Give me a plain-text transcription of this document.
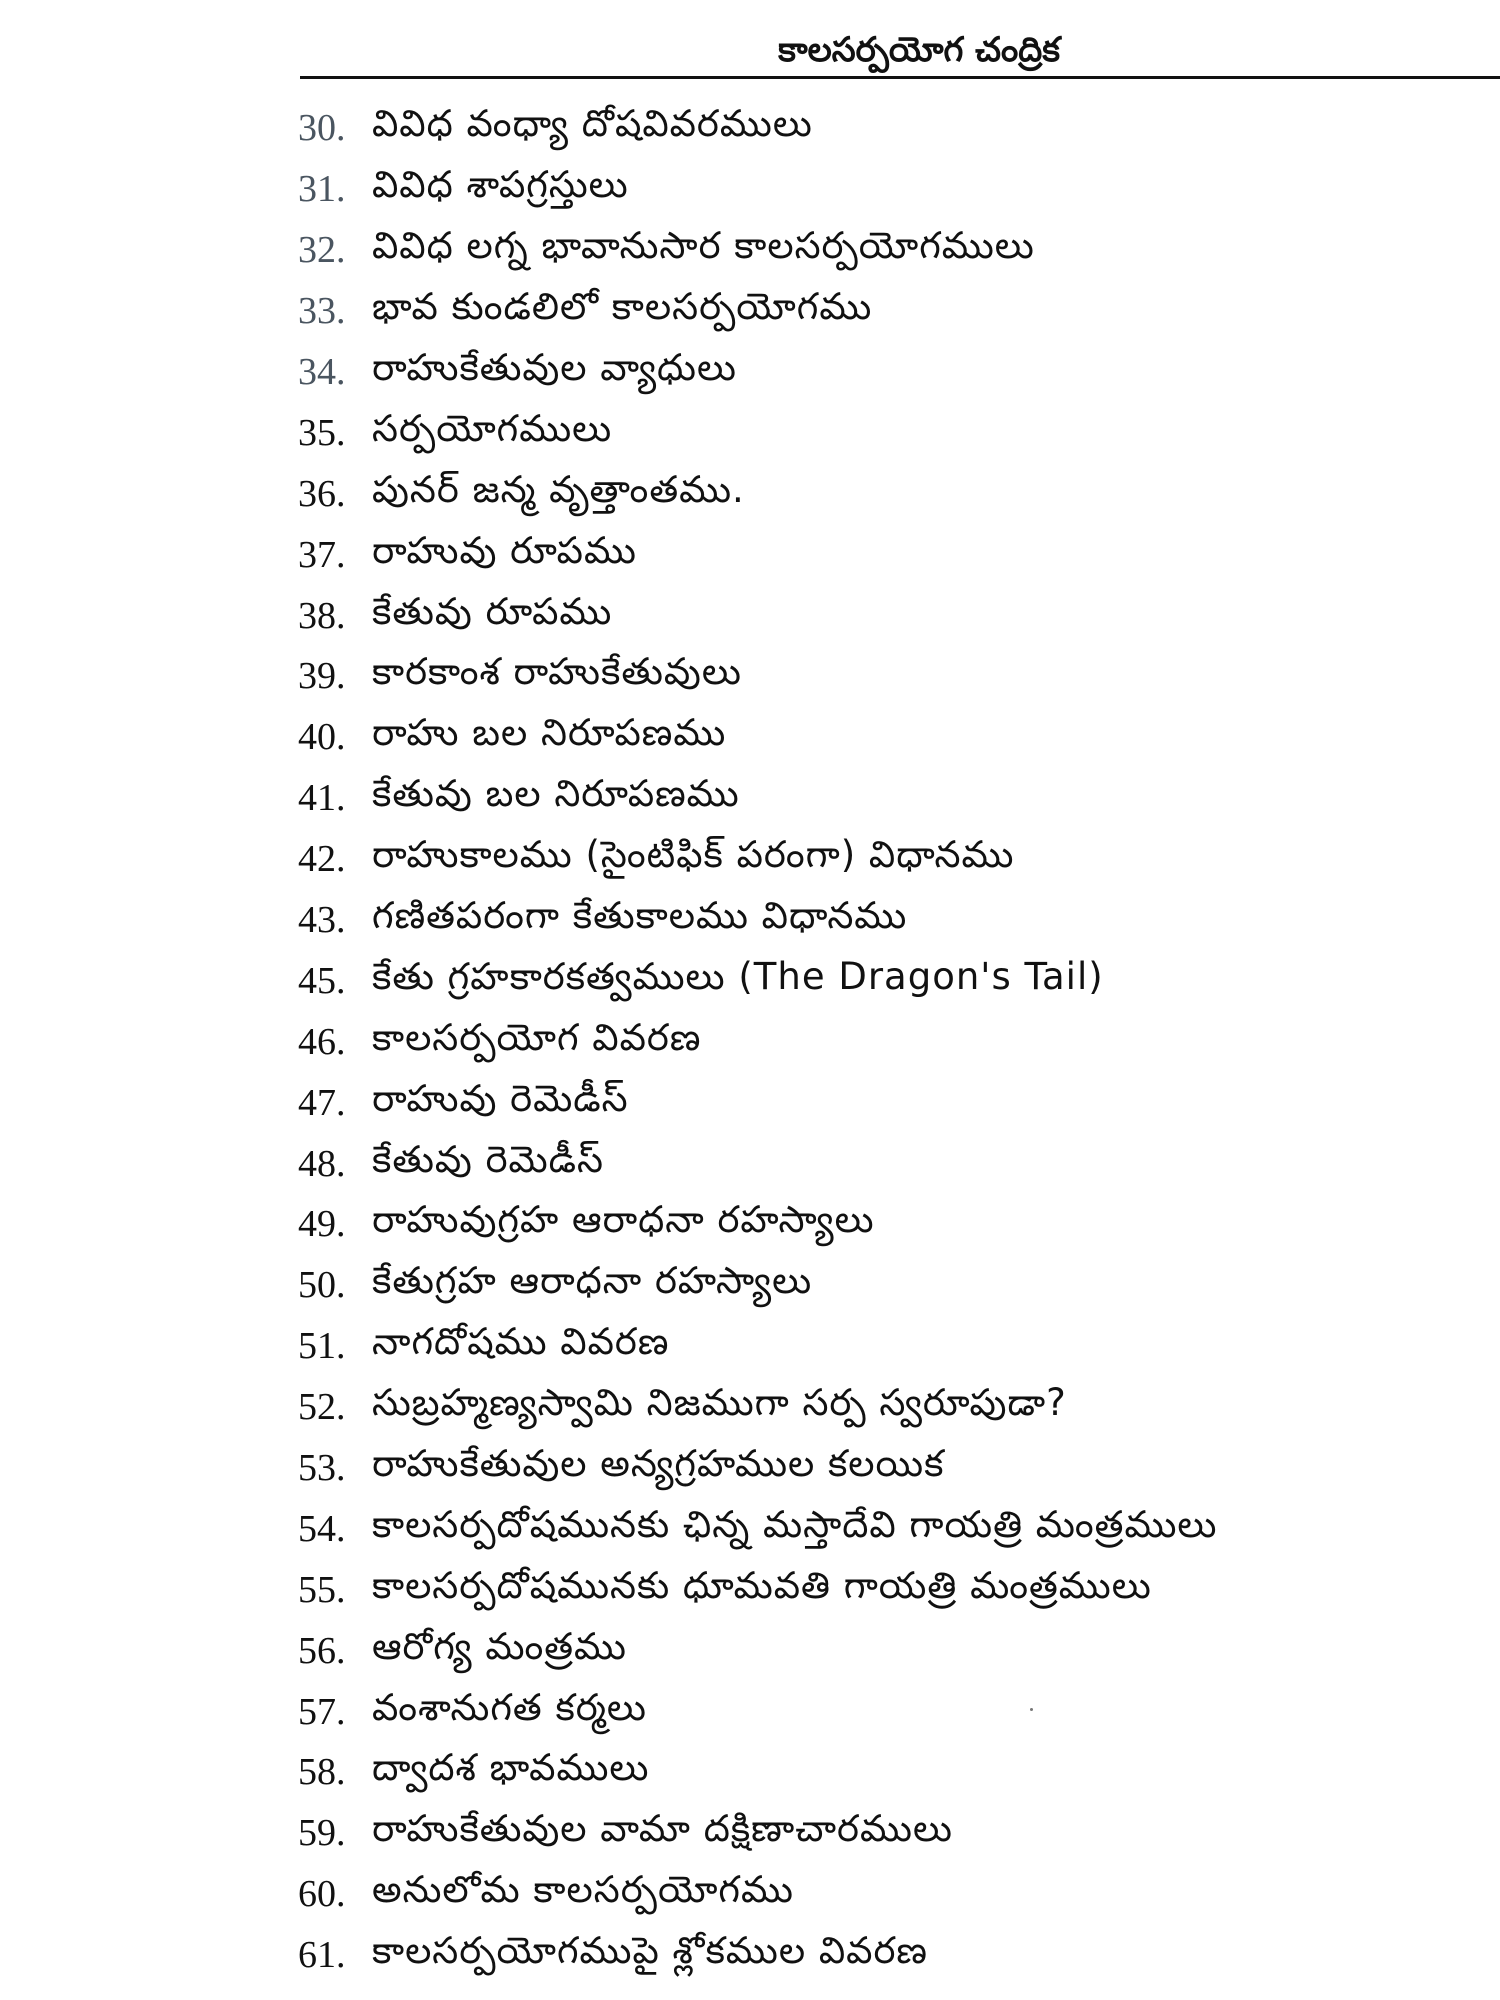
కాలసర్పయోగ చంద్రిక
30. వివిధ వంధ్యా దోషవివరములు
31. వివిధ శాపగ్రస్తులు
32. వివిధ లగ్న భావానుసార కాలసర్పయోగములు
33. భావ కుండలిలో కాలసర్పయోగము
34. రాహుకేతువుల వ్యాధులు
35. సర్పయోగములు
36. పునర్ జన్మ వృత్తాంతము.
37. రాహువు రూపము
38. కేతువు రూపము
39. కారకాంశ రాహుకేతువులు
40. రాహు బల నిరూపణము
41. కేతువు బల నిరూపణము
42. రాహుకాలము (సైంటిఫిక్ పరంగా) విధానము
43. గణితపరంగా కేతుకాలము విధానము
45. కేతు గ్రహకారకత్వములు (The Dragon's Tail)
46. కాలసర్పయోగ వివరణ
47. రాహువు రెమెడీస్
48. కేతువు రెమెడీస్
49. రాహువుగ్రహ ఆరాధనా రహస్యాలు
50. కేతుగ్రహ ఆరాధనా రహస్యాలు
51. నాగదోషము వివరణ
52. సుబ్రహ్మణ్యస్వామి నిజముగా సర్ప స్వరూపుడా?
53. రాహుకేతువుల అన్యగ్రహముల కలయిక
54. కాలసర్పదోషమునకు ఛిన్న మస్తాదేవి గాయత్రి మంత్రములు
55. కాలసర్పదోషమునకు ధూమవతి గాయత్రి మంత్రములు
56. ఆరోగ్య మంత్రము
57. వంశానుగత కర్మలు
58. ద్వాదశ భావములు
59. రాహుకేతువుల వామా దక్షిణాచారములు
60. అనులోమ కాలసర్పయోగము
61. కాలసర్పయోగముపై శ్లోకముల వివరణ
